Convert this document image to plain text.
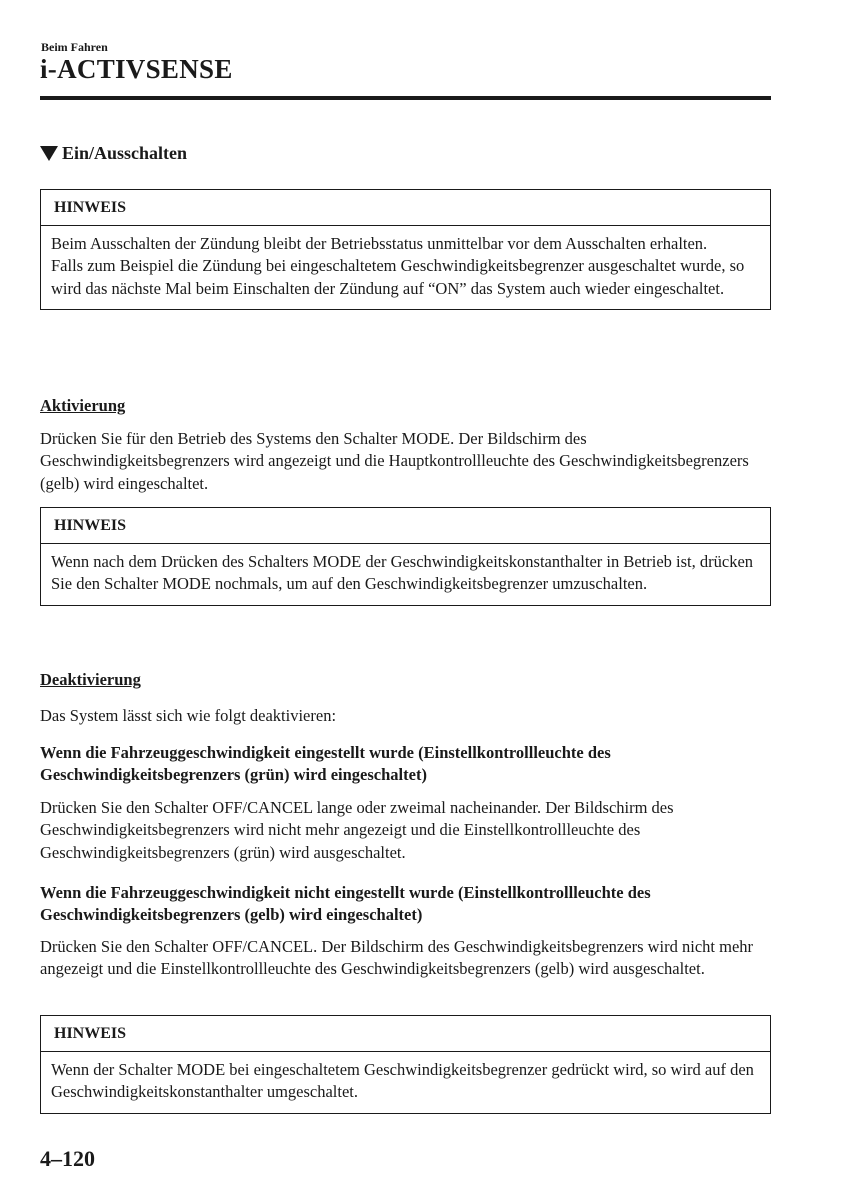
Beim Fahren
i-ACTIVSENSE
Ein/Ausschalten
HINWEIS

Beim Ausschalten der Zündung bleibt der Betriebsstatus unmittelbar vor dem Ausschalten erhalten.

Falls zum Beispiel die Zündung bei eingeschaltetem Geschwindigkeitsbegrenzer ausgeschaltet wurde, so wird das nächste Mal beim Einschalten der Zündung auf “ON” das System auch wieder eingeschaltet.

Aktivierung

Drücken Sie für den Betrieb des Systems den Schalter MODE. Der Bildschirm des Geschwindigkeitsbegrenzers wird angezeigt und die Hauptkontrollleuchte des Geschwindigkeitsbegrenzers (gelb) wird eingeschaltet.

HINWEIS

Wenn nach dem Drücken des Schalters MODE der Geschwindigkeitskonstanthalter in Betrieb ist, drücken Sie den Schalter MODE nochmals, um auf den Geschwindigkeitsbegrenzer umzuschalten.

Deaktivierung

Das System lässt sich wie folgt deaktivieren:

Wenn die Fahrzeuggeschwindigkeit eingestellt wurde (Einstellkontrollleuchte des Geschwindigkeitsbegrenzers (grün) wird eingeschaltet)

Drücken Sie den Schalter OFF/CANCEL lange oder zweimal nacheinander. Der Bildschirm des Geschwindigkeitsbegrenzers wird nicht mehr angezeigt und die Einstellkontrollleuchte des Geschwindigkeitsbegrenzers (grün) wird ausgeschaltet.

Wenn die Fahrzeuggeschwindigkeit nicht eingestellt wurde (Einstellkontrollleuchte des Geschwindigkeitsbegrenzers (gelb) wird eingeschaltet)

Drücken Sie den Schalter OFF/CANCEL. Der Bildschirm des Geschwindigkeitsbegrenzers wird nicht mehr angezeigt und die Einstellkontrollleuchte des Geschwindigkeitsbegrenzers (gelb) wird ausgeschaltet.

HINWEIS

Wenn der Schalter MODE bei eingeschaltetem Geschwindigkeitsbegrenzer gedrückt wird, so wird auf den Geschwindigkeitskonstanthalter umgeschaltet.

4–120
